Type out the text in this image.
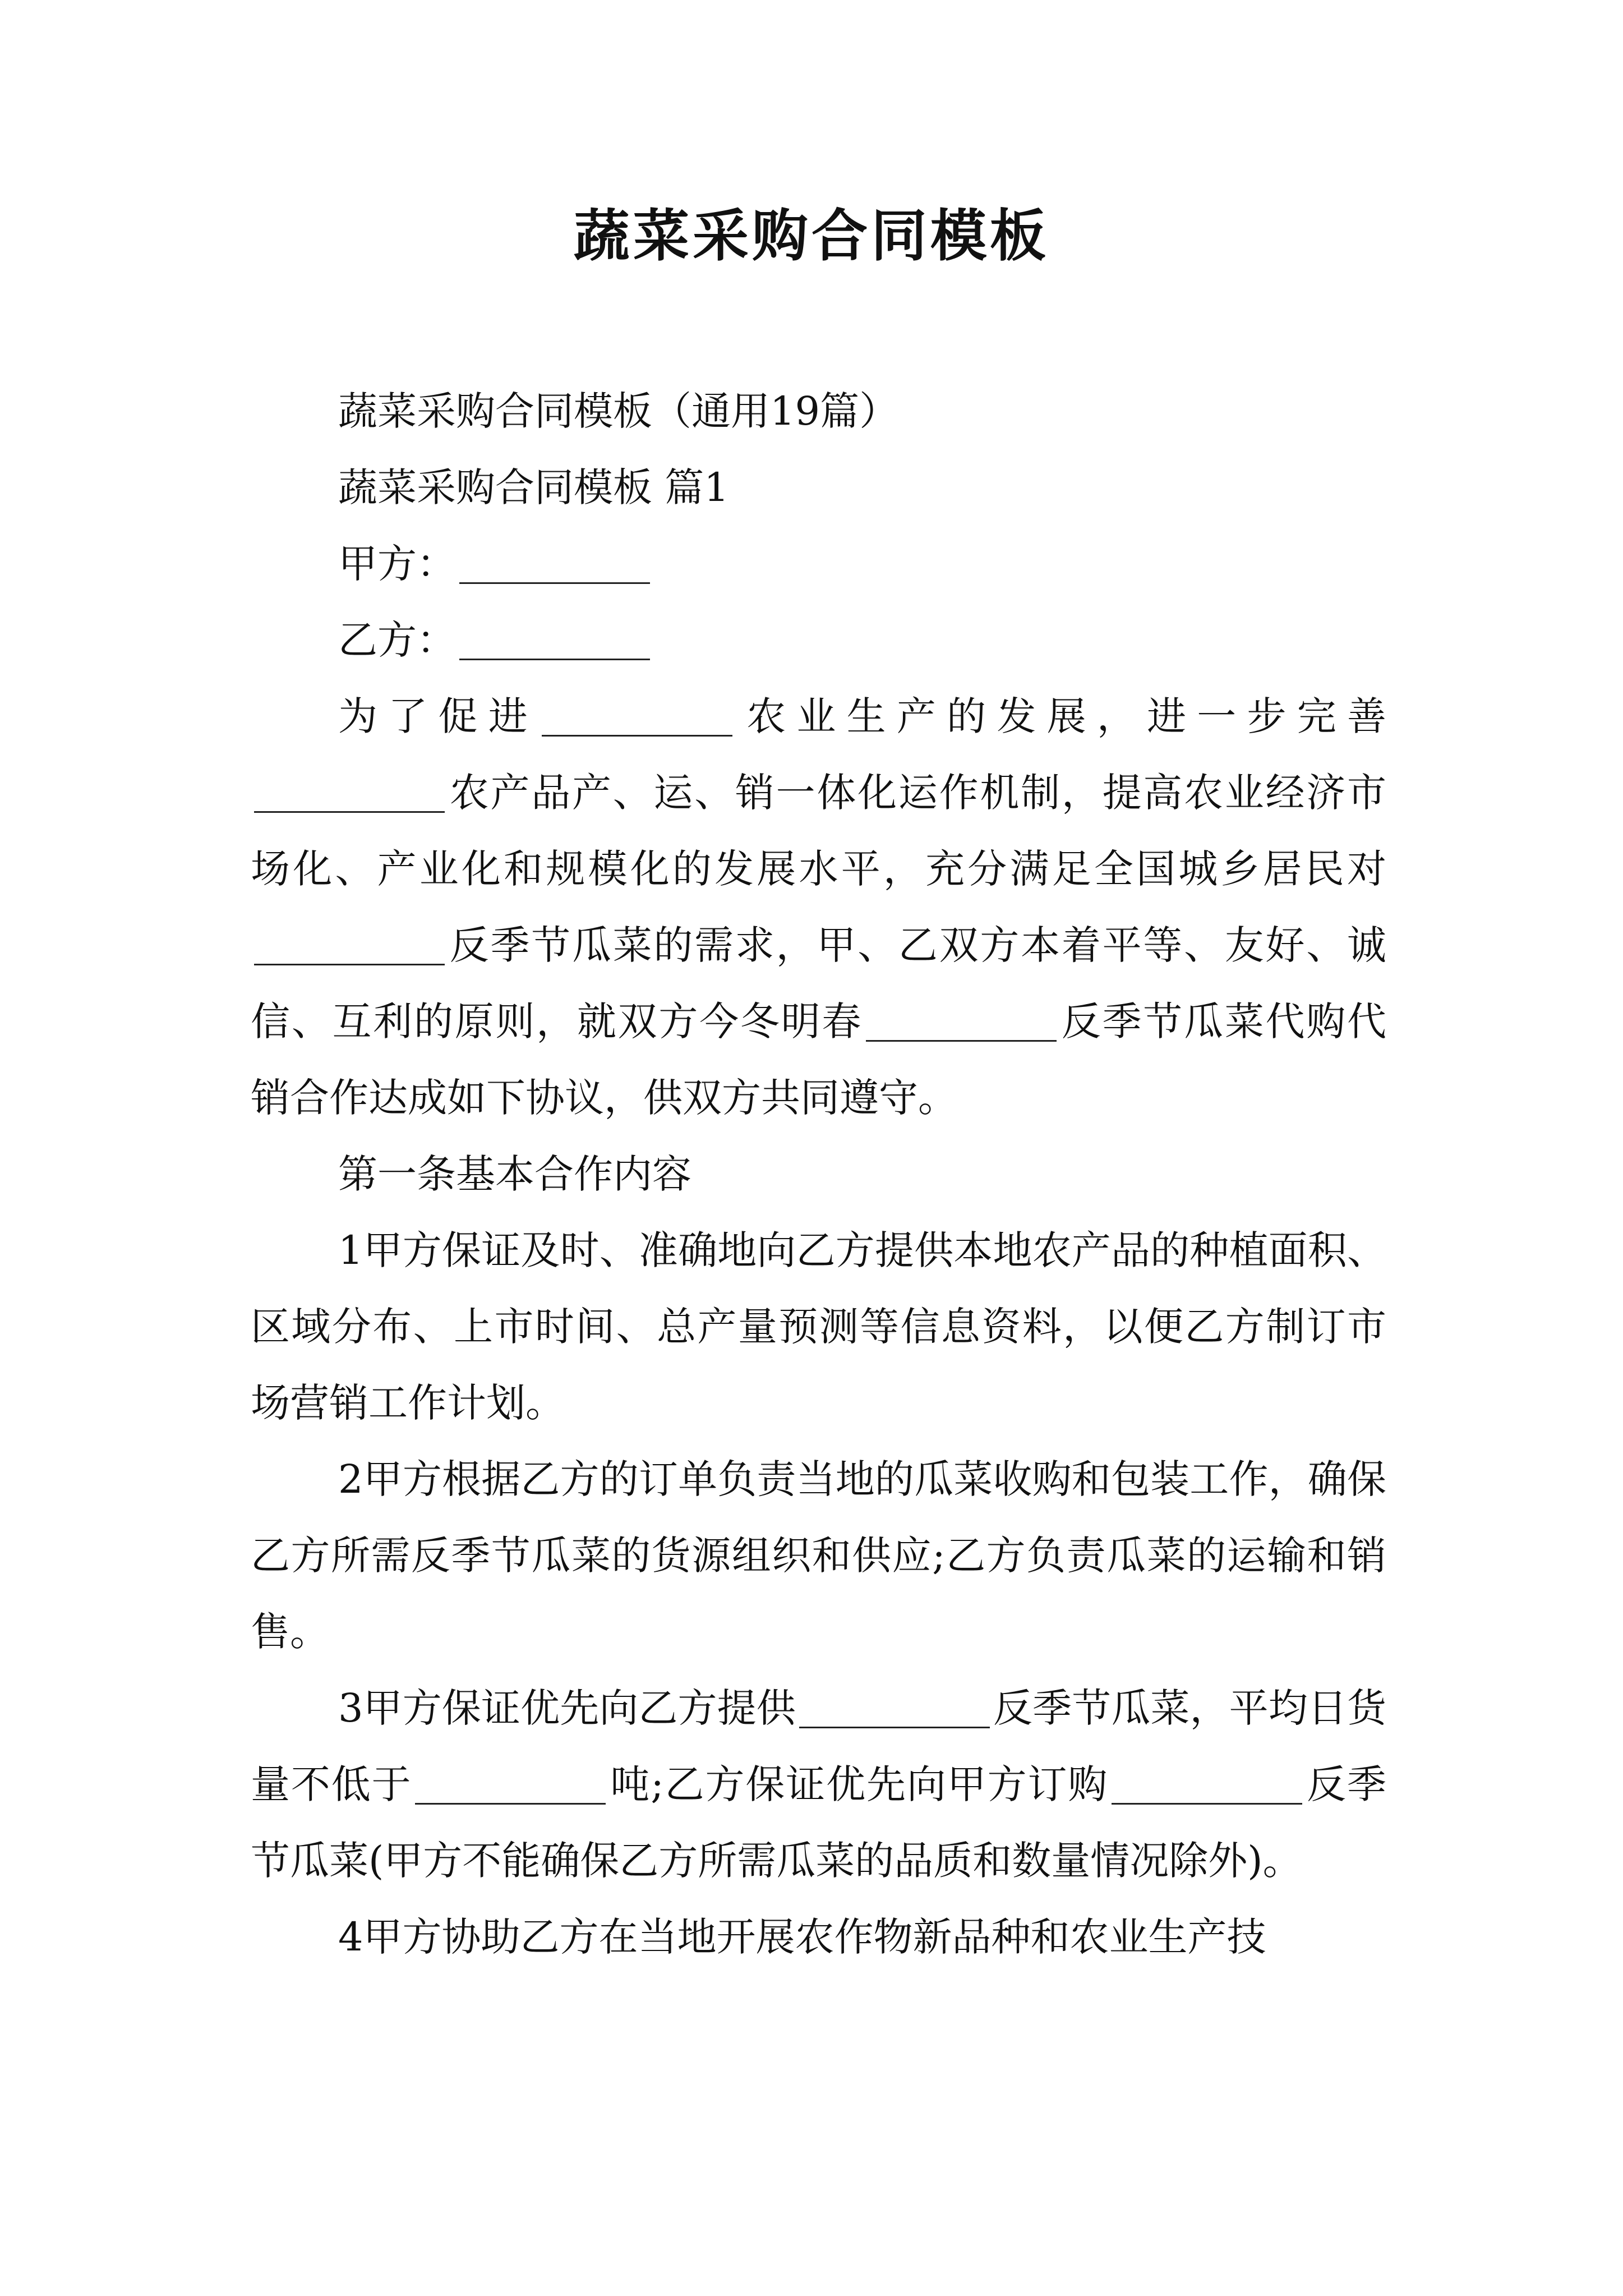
蔬菜采购合同模板

蔬菜采购合同模板（通用19篇）

蔬菜采购合同模板 篇1

甲方：

乙方：

为了促进	农业生产的发展，进一步完善农产品产、运、销一体化运作机制，提高农业经济市场化、产业化和规模化的发展水平，充分满足全国城乡居民对反季节瓜菜的需求，甲、乙双方本着平等、友好、诚信、互利的原则，就双方今冬明春	反季节瓜菜代购代销合作达成如下协议，供双方共同遵守。

第一条基本合作内容

1甲方保证及时、准确地向乙方提供本地农产品的种植面积、区域分布、上市时间、总产量预测等信息资料，以便乙方制订市场营销工作计划。

2甲方根据乙方的订单负责当地的瓜菜收购和包装工作，确保乙方所需反季节瓜菜的货源组织和供应;乙方负责瓜菜的运输和销售。

3甲方保证优先向乙方提供	反季节瓜菜，平均日货量不低于	吨;乙方保证优先向甲方订购	反季节瓜菜(甲方不能确保乙方所需瓜菜的品质和数量情况除外)。

4甲方协助乙方在当地开展农作物新品种和农业生产技
